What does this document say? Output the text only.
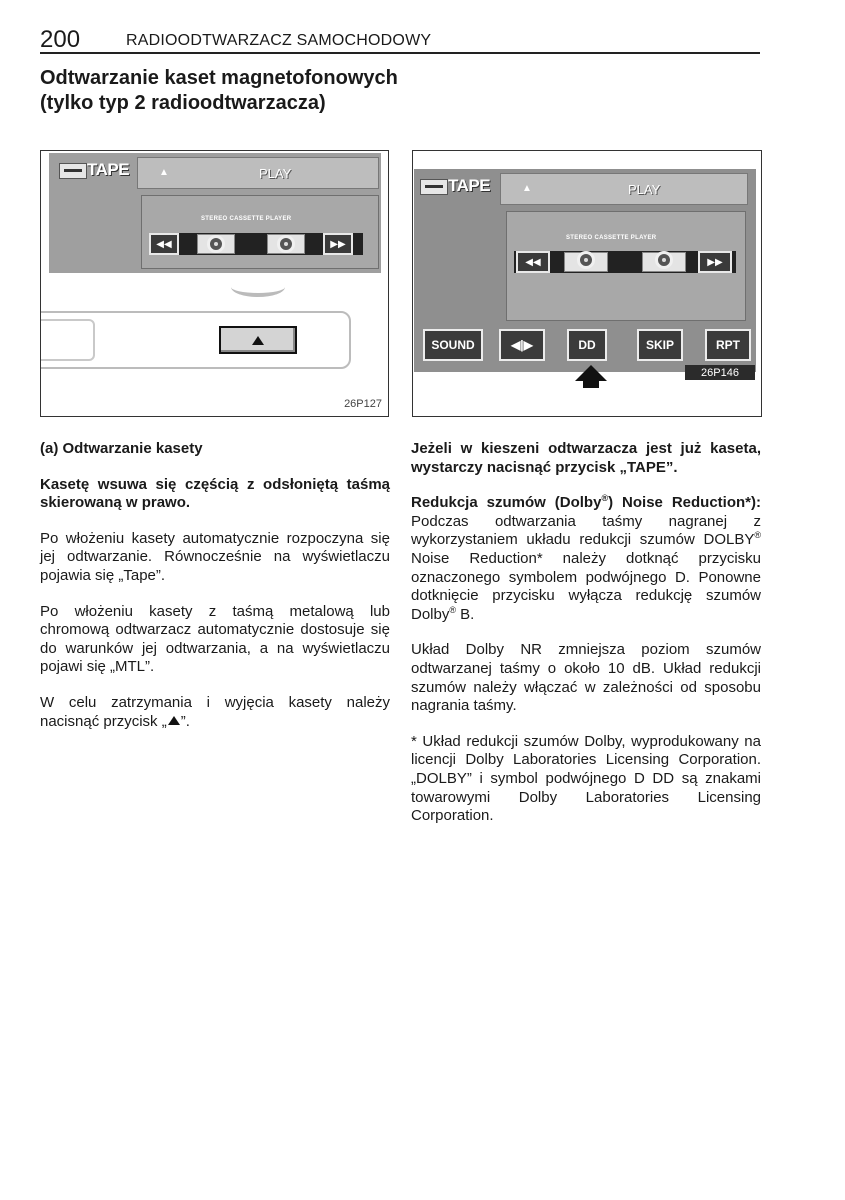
200	RADIOODTWARZACZ SAMOCHODOWY
Odtwarzanie kaset magnetofonowych (tylko typ 2 radioodtwarzacza)
TAPE	▲	PLAY
STEREO CASSETTE PLAYER
◀◀	▶▶
26P127
TAPE	▲	PLAY
STEREO CASSETTE PLAYER
◀◀	▶▶
SOUND	◀|▶	DD	SKIP	RPT
26P146

(a) Odtwarzanie kasety

Kasetę wsuwa się częścią z odsłoniętą taśmą skierowaną w prawo.

Po włożeniu kasety automatycznie rozpoczyna się jej odtwarzanie. Równocześnie na wyświetlaczu pojawia się „Tape”.

Po włożeniu kasety z taśmą metalową lub chromową odtwarzacz automatycznie dostosuje się do warunków jej odtwarzania, a na wyświetlaczu pojawi się „MTL”.

W celu zatrzymania i wyjęcia kasety należy nacisnąć przycisk „ ”.

Jeżeli w kieszeni odtwarzacza jest już kaseta, wystarczy nacisnąć przycisk „TAPE”.

Redukcja szumów (Dolby®) Noise Reduction*): Podczas odtwarzania taśmy nagranej z wykorzystaniem układu redukcji szumów DOLBY® Noise Reduction* należy dotknąć przycisku oznaczonego symbolem podwójnego D. Ponowne dotknięcie przycisku wyłącza redukcję szumów Dolby® B.

Układ Dolby NR zmniejsza poziom szumów odtwarzanej taśmy o około 10 dB. Układ redukcji szumów należy włączać w zależności od sposobu nagrania taśmy.

* Układ redukcji szumów Dolby, wyprodukowany na licencji Dolby Laboratories Licensing Corporation. „DOLBY” i symbol podwójnego D DD są znakami towarowymi Dolby Laboratories Licensing Corporation.
